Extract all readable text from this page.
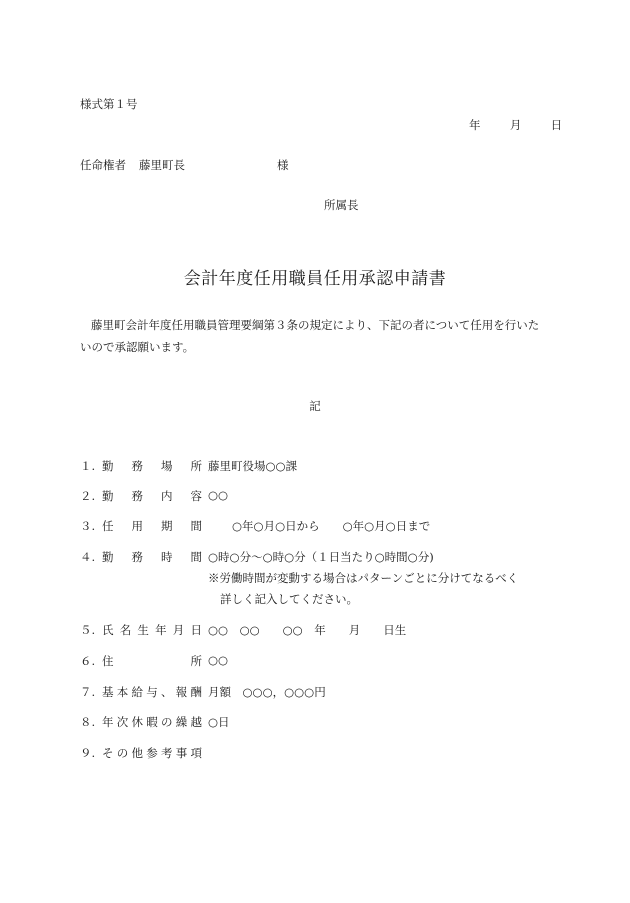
様式第１号
年	月	日
任命権者 藤里町長	様
所属長
会計年度任用職員任用承認申請書
藤里町会計年度任用職員管理要綱第３条の規定により、下記の者について任用を行いた
いので承認願います。
記
１. 勤務場所 藤里町役場○○課
２. 勤務内容 ○○
３. 任用期間	○年○月○日から　　○年○月○日まで
４. 勤務時間 ○時○分～○時○分（１日当たり○時間○分)
※労働時間が変動する場合はパターンごとに分けてなるべく
詳しく記入してください。
５. 氏名生年月日 ○○　○○　　○○　年　　月　　日生
６. 住所 ○○
７. 基本給与、報酬 月額　○○○，○○○円
８. 年次休暇の繰越 ○日
９. その他参考事項
